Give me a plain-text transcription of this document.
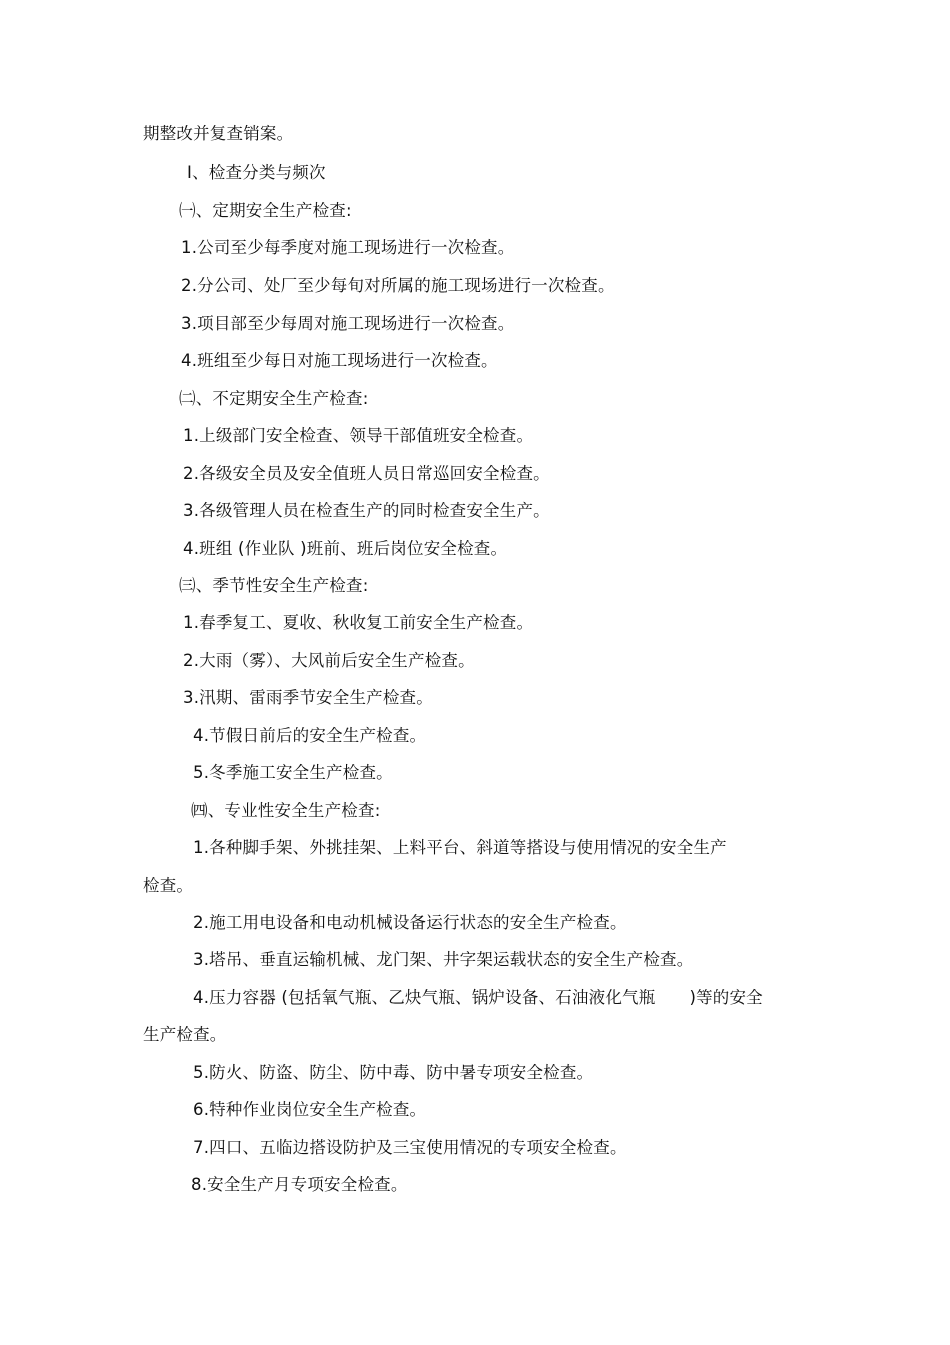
期整改并复查销案。
Ⅰ、检查分类与频次
㈠、定期安全生产检查:
1.公司至少每季度对施工现场进行一次检查。
2.分公司、处厂至少每旬对所属的施工现场进行一次检查。
3.项目部至少每周对施工现场进行一次检查。
4.班组至少每日对施工现场进行一次检查。
㈡、不定期安全生产检查:
1.上级部门安全检查、领导干部值班安全检查。
2.各级安全员及安全值班人员日常巡回安全检查。
3.各级管理人员在检查生产的同时检查安全生产。
4.班组 (作业队 )班前、班后岗位安全检查。
㈢、季节性安全生产检查:
1.春季复工、夏收、秋收复工前安全生产检查。
2.大雨（雾）、大风前后安全生产检查。
3.汛期、雷雨季节安全生产检查。
4.节假日前后的安全生产检查。
5.冬季施工安全生产检查。
㈣、专业性安全生产检查:
1.各种脚手架、外挑挂架、上料平台、斜道等搭设与使用情况的安全生产
检查。
2.施工用电设备和电动机械设备运行状态的安全生产检查。
3.塔吊、垂直运输机械、龙门架、井字架运载状态的安全生产检查。
4.压力容器 (包括氧气瓶、乙炔气瓶、锅炉设备、石油液化气瓶 )等的安全
生产检查。
5.防火、防盗、防尘、防中毒、防中暑专项安全检查。
6.特种作业岗位安全生产检查。
7.四口、五临边搭设防护及三宝使用情况的专项安全检查。
8.安全生产月专项安全检查。
